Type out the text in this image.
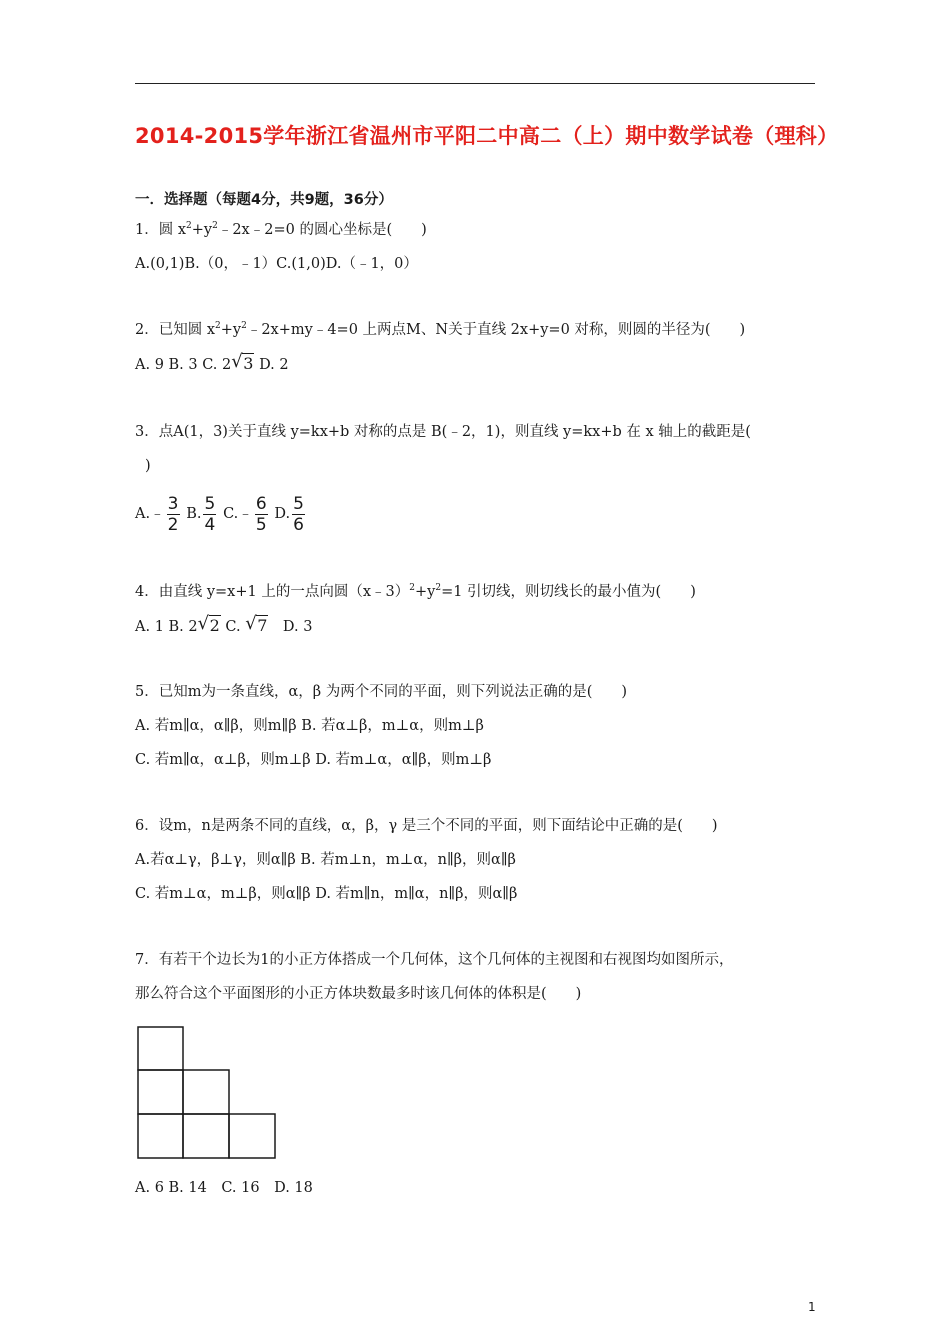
2014-2015学年浙江省温州市平阳二中高二（上）期中数学试卷（理科）
一．选择题（每题4分，共9题，36分）
1．圆 $x^2+y^2﹣2x﹣2=0$ 的圆心坐标是(　　)
A.(0,1)B.（0，﹣1）C.(1,0)D.（﹣1，0）
2．已知圆 $x^2+y^2﹣2x+my﹣4=0$ 上两点M、N关于直线 2x+y=0 对称，则圆的半径为(　　)
A. 9 B. 3 C. 2 √ 3 D. 2
3．点A(1，3)关于直线 y=kx+b 对称的点是 B(﹣2，1)，则直线 y=kx+b 在 x 轴上的截距是(
)
A.﹣ $\frac{3}{2} B$. $\frac{5}{4}$ C.﹣ $\frac{6}{5} D$. $\frac{5}{6}$
4．由直线 y=x+1 上的一点向圆$(x﹣3)^2+y^2=1$ 引切线，则切线长的最小值为(　　)
A. 1 B. 2 √ 2 C. √ 7　 D. 3
5．已知m为一条直线，α，β 为两个不同的平面，则下列说法正确的是(　　)
A. 若m∥α，α∥β，则m∥β B. 若α⊥β，m⊥α，则m⊥β
C. 若m∥α，α⊥β，则m⊥β D. 若m⊥α，α∥β，则m⊥β
6．设m，n是两条不同的直线，α，β，γ 是三个不同的平面，则下面结论中正确的是(　　)
A.若α⊥γ，β⊥γ，则α∥β B. 若m⊥n，m⊥α，n∥β，则α∥β
C. 若m⊥α，m⊥β，则α∥β D. 若m∥n，m∥α，n∥β，则α∥β
7．有若干个边长为1的小正方体搭成一个几何体，这个几何体的主视图和右视图均如图所示，
那么符合这个平面图形的小正方体块数最多时该几何体的体积是(　　)
A. 6 B. 14　C. 16　D. 18
1
